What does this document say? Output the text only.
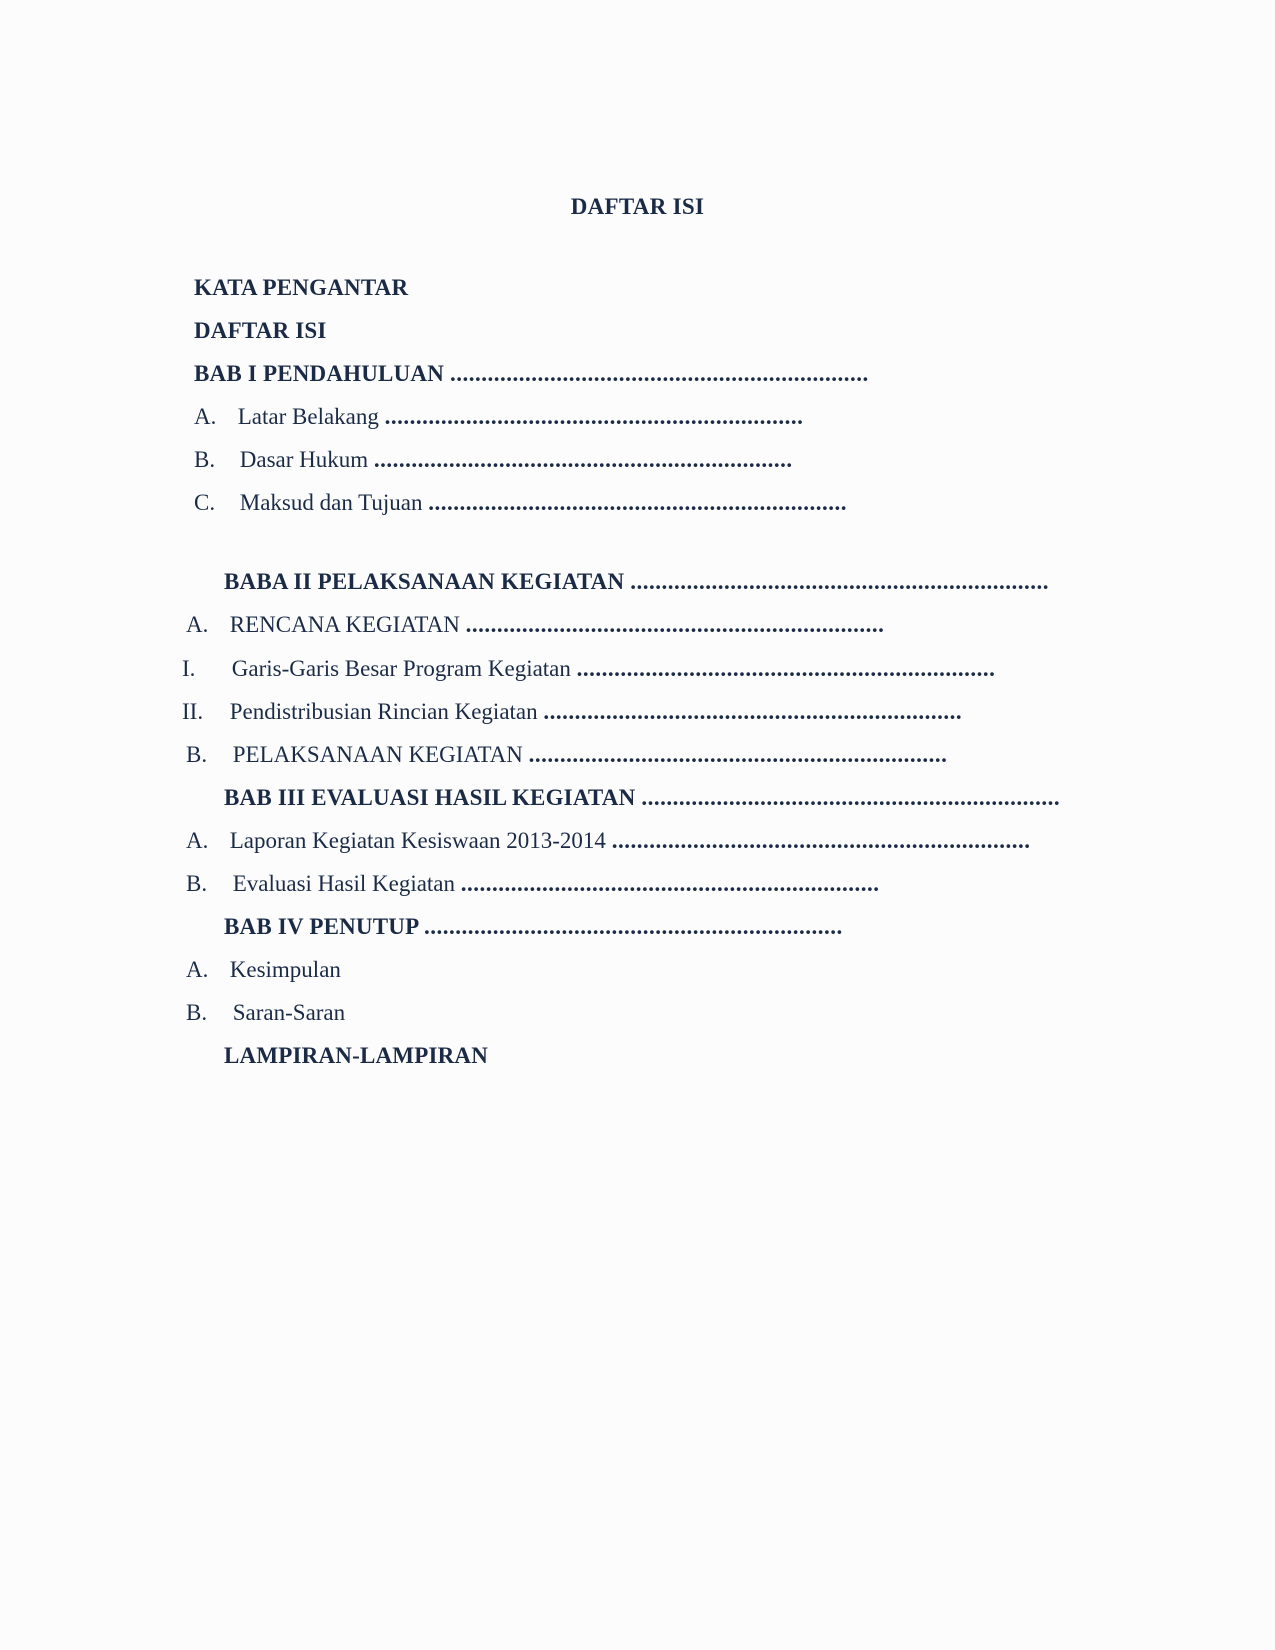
DAFTAR ISI
KATA PENGANTAR
DAFTAR ISI
BAB I PENDAHULUAN ...................................................................
A. Latar Belakang ...................................................................
B. Dasar Hukum ...................................................................
C. Maksud dan Tujuan ...................................................................
BABA II PELAKSANAAN KEGIATAN ...................................................................
A. RENCANA KEGIATAN ...................................................................
I. Garis-Garis Besar Program Kegiatan ...................................................................
II. Pendistribusian Rincian Kegiatan ...................................................................
B. PELAKSANAAN KEGIATAN ...................................................................
BAB III EVALUASI HASIL KEGIATAN ...................................................................
A. Laporan Kegiatan Kesiswaan 2013-2014 ...................................................................
B. Evaluasi Hasil Kegiatan ...................................................................
BAB IV PENUTUP ...................................................................
A. Kesimpulan
B. Saran-Saran
LAMPIRAN-LAMPIRAN
